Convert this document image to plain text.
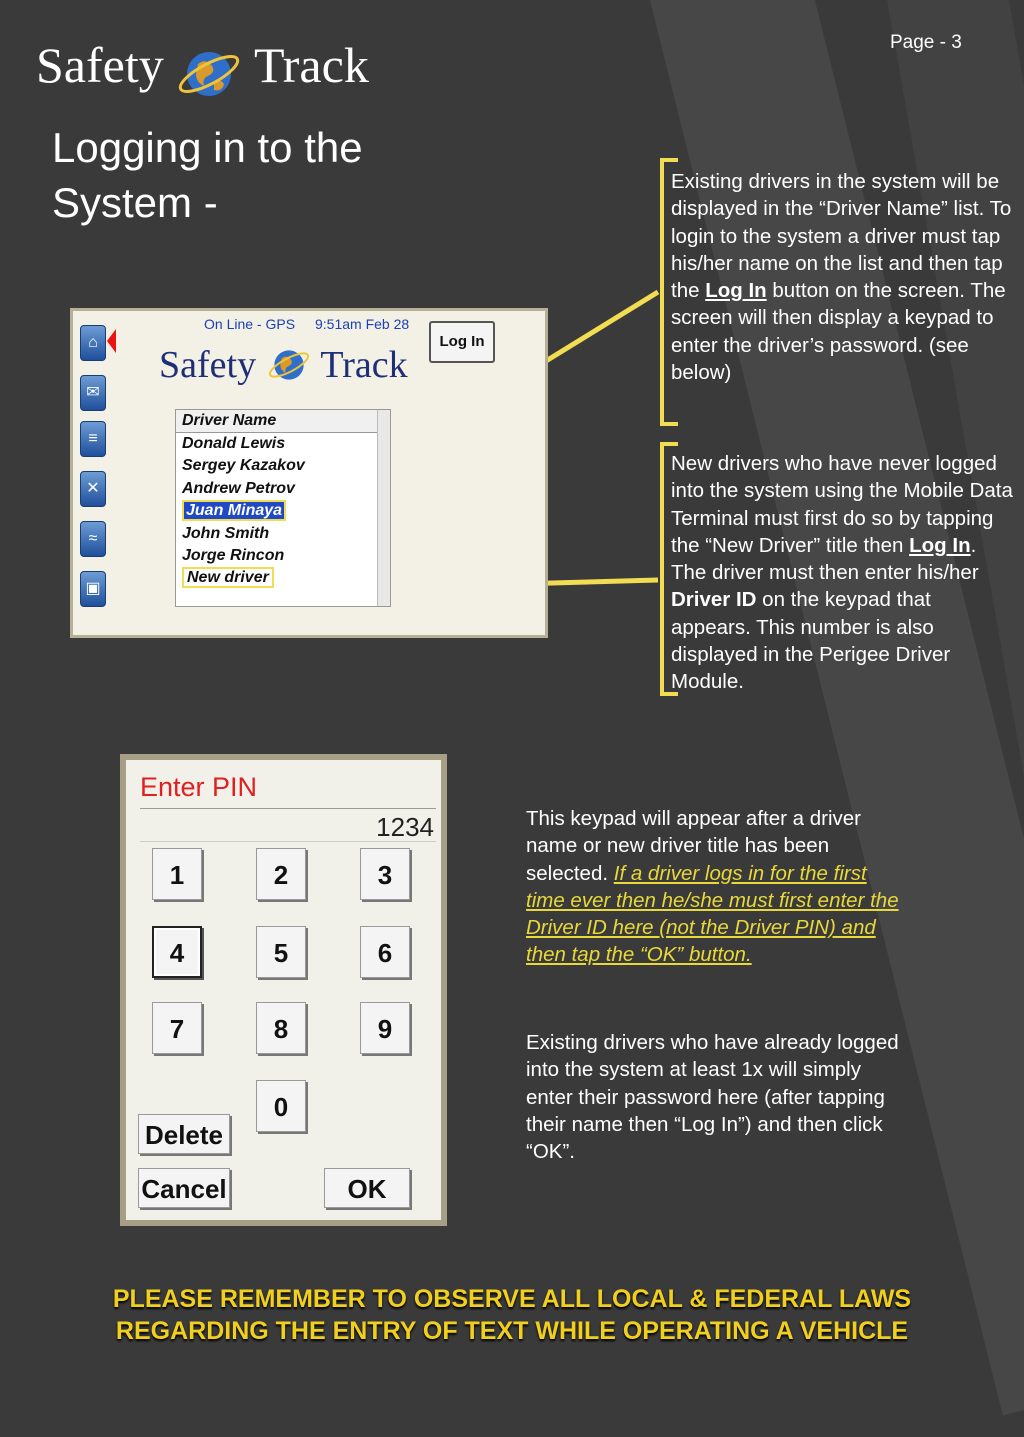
Page - 3
Safety Track
Logging in to the
System -	Existing drivers in the system will be displayed in the “Driver Name” list. To login to the system a driver must tap his/her name on the list and then tap the Log In button on the screen. The screen will then display a keypad to enter the driver’s password. (see below)
New drivers who have never logged into the system using the Mobile Data Terminal must first do so by tapping the “New Driver” title then Log In. The driver must then enter his/her Driver ID on the keypad that appears. This number is also displayed in the Perigee Driver Module.
⌂
✉
≡
✕
≈
▣
On Line - GPS 9:51am Feb 28
Log In
Safety Track
Driver Name
Donald Lewis
Sergey Kazakov
Andrew Petrov
Juan Minaya
John Smith
Jorge Rincon
New driver
Enter PIN
1234
1	2	3
4	5	6
7	8	9
0
Delete
Cancel	OK
This keypad will appear after a driver name or new driver title has been selected. If a driver logs in for the first time ever then he/she must first enter the Driver ID here (not the Driver PIN) and then tap the “OK” button.
Existing drivers who have already logged into the system at least 1x will simply enter their password here (after tapping their name then “Log In”) and then click “OK”.
PLEASE REMEMBER TO OBSERVE ALL LOCAL & FEDERAL LAWS
REGARDING THE ENTRY OF TEXT WHILE OPERATING A VEHICLE
